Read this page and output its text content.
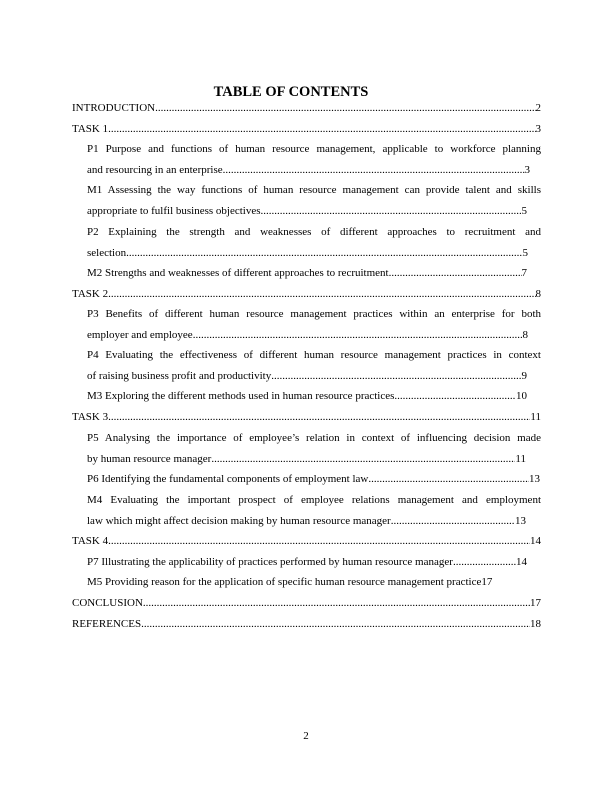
TABLE OF CONTENTS
INTRODUCTION .....	2
TASK 1 .....	3
P1 Purpose and functions of human resource management, applicable to workforce planning
and resourcing in an enterprise .....	3
M1 Assessing the way functions of human resource management can provide talent and skills
appropriate to fulfil business objectives .....	5
P2 Explaining the strength and weaknesses of different approaches to recruitment and
selection .....	5
M2 Strengths and weaknesses of different approaches to recruitment .....	7
TASK 2 .....	8
P3 Benefits of different human resource management practices within an enterprise for both
employer and employee .....	8
P4 Evaluating the effectiveness of different human resource management practices in context
of raising business profit and productivity .....	9
M3 Exploring the different methods used in human resource practices .....	10
TASK 3 .....	11
P5 Analysing the importance of employee’s relation in context of influencing decision made
by human resource manager .....	11
P6 Identifying the fundamental components of employment law .....	13
M4 Evaluating the important prospect of employee relations management and employment
law which might affect decision making by human resource manager .....	13
TASK 4 .....	14
P7 Illustrating the applicability of practices performed by human resource manager .....	14
M5 Providing reason for the application of specific human resource management practice 17
CONCLUSION .....	17
REFERENCES .....	18
2
